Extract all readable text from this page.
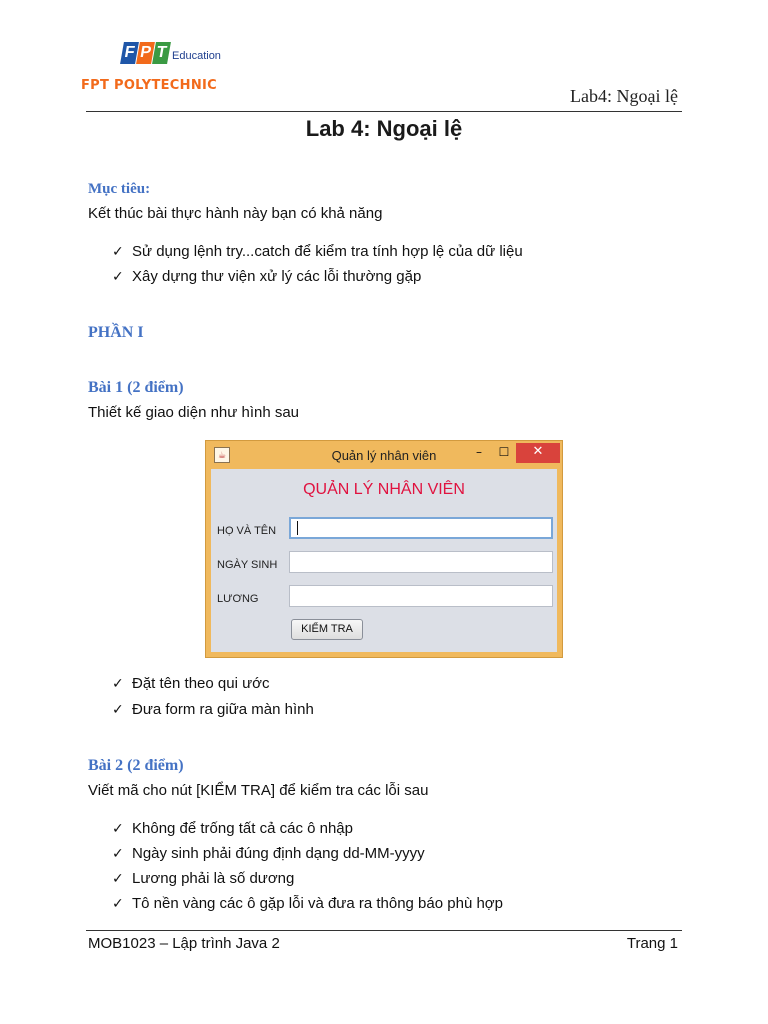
F P T Education
FPT POLYTECHNIC
Lab4: Ngoại lệ
Lab 4: Ngoại lệ
Mục tiêu:
Kết thúc bài thực hành này bạn có khả năng
✓ Sử dụng lệnh try...catch để kiểm tra tính hợp lệ của dữ liệu
✓ Xây dựng thư viện xử lý các lỗi thường gặp
PHẦN I
Bài 1 (2 điểm)
Thiết kế giao diện như hình sau
☕	Quản lý nhân viên	–	☐	✕
QUẢN LÝ NHÂN VIÊN
HỌ VÀ TÊN
NGÀY SINH
LƯƠNG
KIỂM TRA
✓ Đặt tên theo qui ước
✓ Đưa form ra giữa màn hình
Bài 2 (2 điểm)
Viết mã cho nút [KIỂM TRA] để kiểm tra các lỗi sau
✓ Không để trống tất cả các ô nhập
✓ Ngày sinh phải đúng định dạng dd-MM-yyyy
✓ Lương phải là số dương
✓ Tô nền vàng các ô gặp lỗi và đưa ra thông báo phù hợp
MOB1023 – Lập trình Java 2	Trang 1
